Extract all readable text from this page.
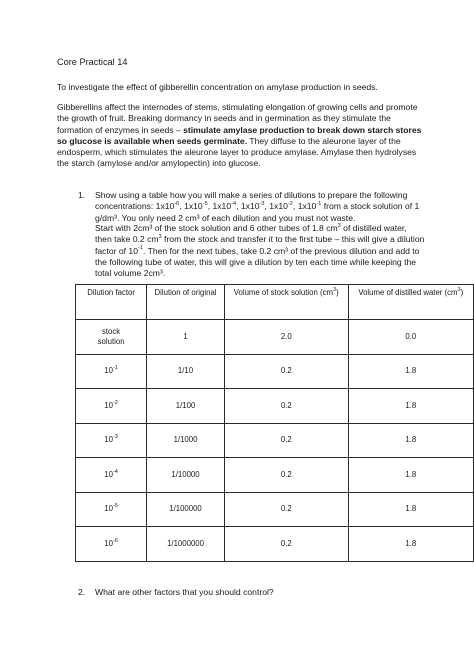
Core Practical 14
To investigate the effect of gibberellin concentration on amylase production in seeds.
Gibberellins affect the internodes of stems, stimulating elongation of growing cells and promote the growth of fruit. Breaking dormancy in seeds and in germination as they stimulate the formation of enzymes in seeds – stimulate amylase production to break down starch stores so glucose is available when seeds germinate. They diffuse to the aleurone layer of the endosperm, which stimulates the aleurone layer to produce amylase. Amylase then hydrolyses the starch (amylose and/or amylopectin) into glucose.
1. Show using a table how you will make a series of dilutions to prepare the following concentrations: $1x10^{-6}$, $1x10^{-5}$, $1x10^{-4}$, $1x10^{-3}$, $1x10^{-2}$, $1x10^{-1}$ from a stock solution of 1 g/dm³. You only need 2 cm³ of each dilution and you must not waste.
Start with 2cm³ of the stock solution and 6 other tubes of 1.8 $cm^3$ of distilled water, then take 0.2 $cm^3$ from the stock and transfer it to the first tube – this will give a dilution factor of $10^{-1}$. Then for the next tubes, take 0.2 cm³ of the previous dilution and add to the following tube of water, this will give a dilution by ten each time while keeping the total volume 2cm³.
Dilution factor	Dilution of original	Volume of stock solution $(cm^3)$	Volume of distilled water $(cm^3)$
stock solution	1	2.0	0.0
$10^{-1}$	1/10	0.2	1.8
$10^{-2}$	1/100	0.2	1.8
$10^{-3}$	1/1000	0.2	1.8
$10^{-4}$	1/10000	0.2	1.8
$10^{-5}$	1/100000	0.2	1.8
$10^{-6}$	1/1000000	0.2	1.8
2. What are other factors that you should control?
